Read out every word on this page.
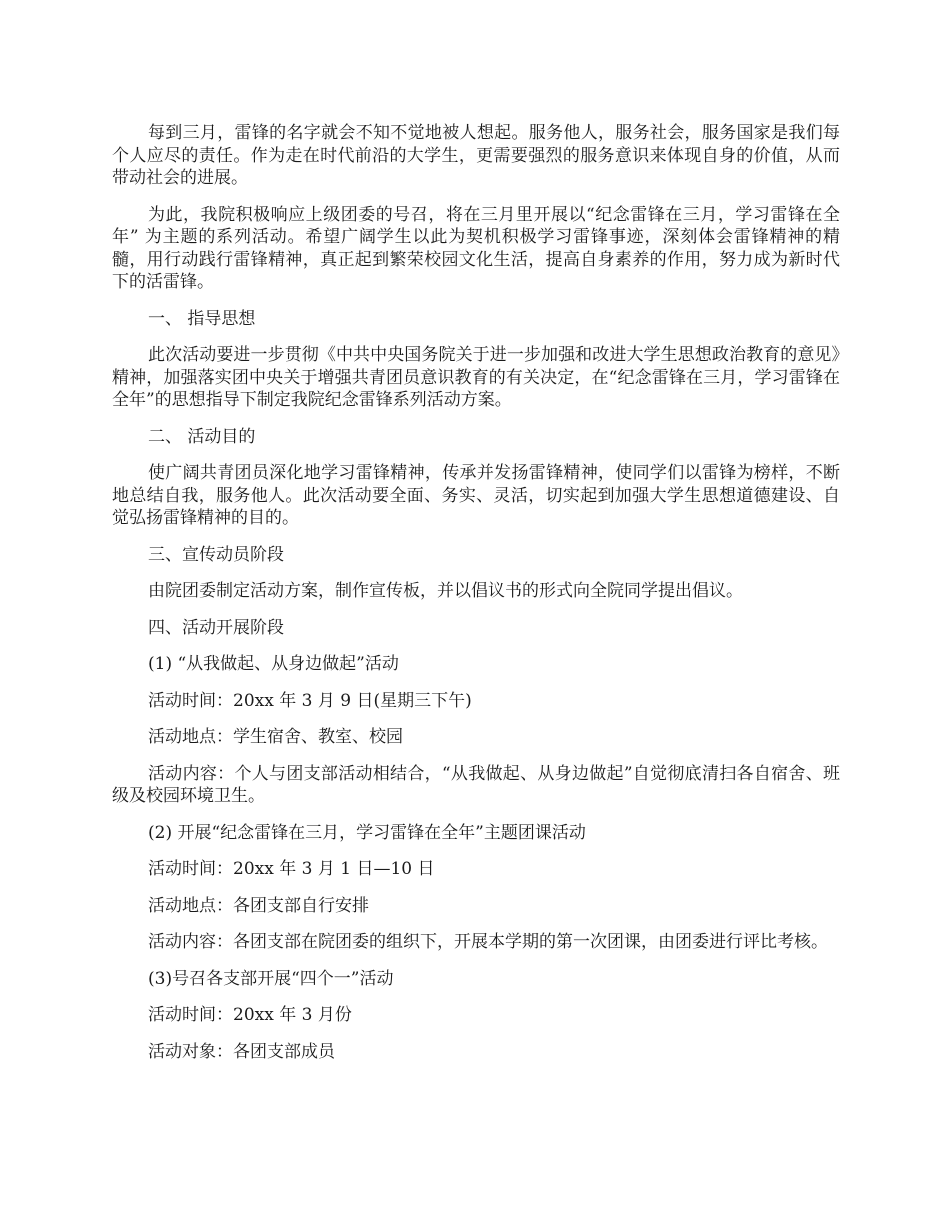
每到三月，雷锋的名字就会不知不觉地被人想起。服务他人，服务社会，服务国家是我们每个人应尽的责任。作为走在时代前沿的大学生，更需要强烈的服务意识来体现自身的价值，从而带动社会的进展。

为此，我院积极响应上级团委的号召，将在三月里开展以“纪念雷锋在三月，学习雷锋在全年” 为主题的系列活动。希望广阔学生以此为契机积极学习雷锋事迹，深刻体会雷锋精神的精髓，用行动践行雷锋精神，真正起到繁荣校园文化生活，提高自身素养的作用，努力成为新时代下的活雷锋。

一、 指导思想

此次活动要进一步贯彻《中共中央国务院关于进一步加强和改进大学生思想政治教育的意见》精神，加强落实团中央关于增强共青团员意识教育的有关决定，在“纪念雷锋在三月，学习雷锋在全年”的思想指导下制定我院纪念雷锋系列活动方案。

二、 活动目的

使广阔共青团员深化地学习雷锋精神，传承并发扬雷锋精神，使同学们以雷锋为榜样，不断地总结自我，服务他人。此次活动要全面、务实、灵活，切实起到加强大学生思想道德建设、自觉弘扬雷锋精神的目的。

三、宣传动员阶段

由院团委制定活动方案，制作宣传板，并以倡议书的形式向全院同学提出倡议。

四、活动开展阶段

(1) “从我做起、从身边做起”活动

活动时间：20xx 年 3 月 9 日(星期三下午)

活动地点：学生宿舍、教室、校园

活动内容：个人与团支部活动相结合，“从我做起、从身边做起”自觉彻底清扫各自宿舍、班级及校园环境卫生。

(2) 开展“纪念雷锋在三月，学习雷锋在全年”主题团课活动

活动时间：20xx 年 3 月 1 日—10 日

活动地点：各团支部自行安排

活动内容：各团支部在院团委的组织下，开展本学期的第一次团课，由团委进行评比考核。

(3)号召各支部开展“四个一”活动

活动时间：20xx 年 3 月份

活动对象：各团支部成员
